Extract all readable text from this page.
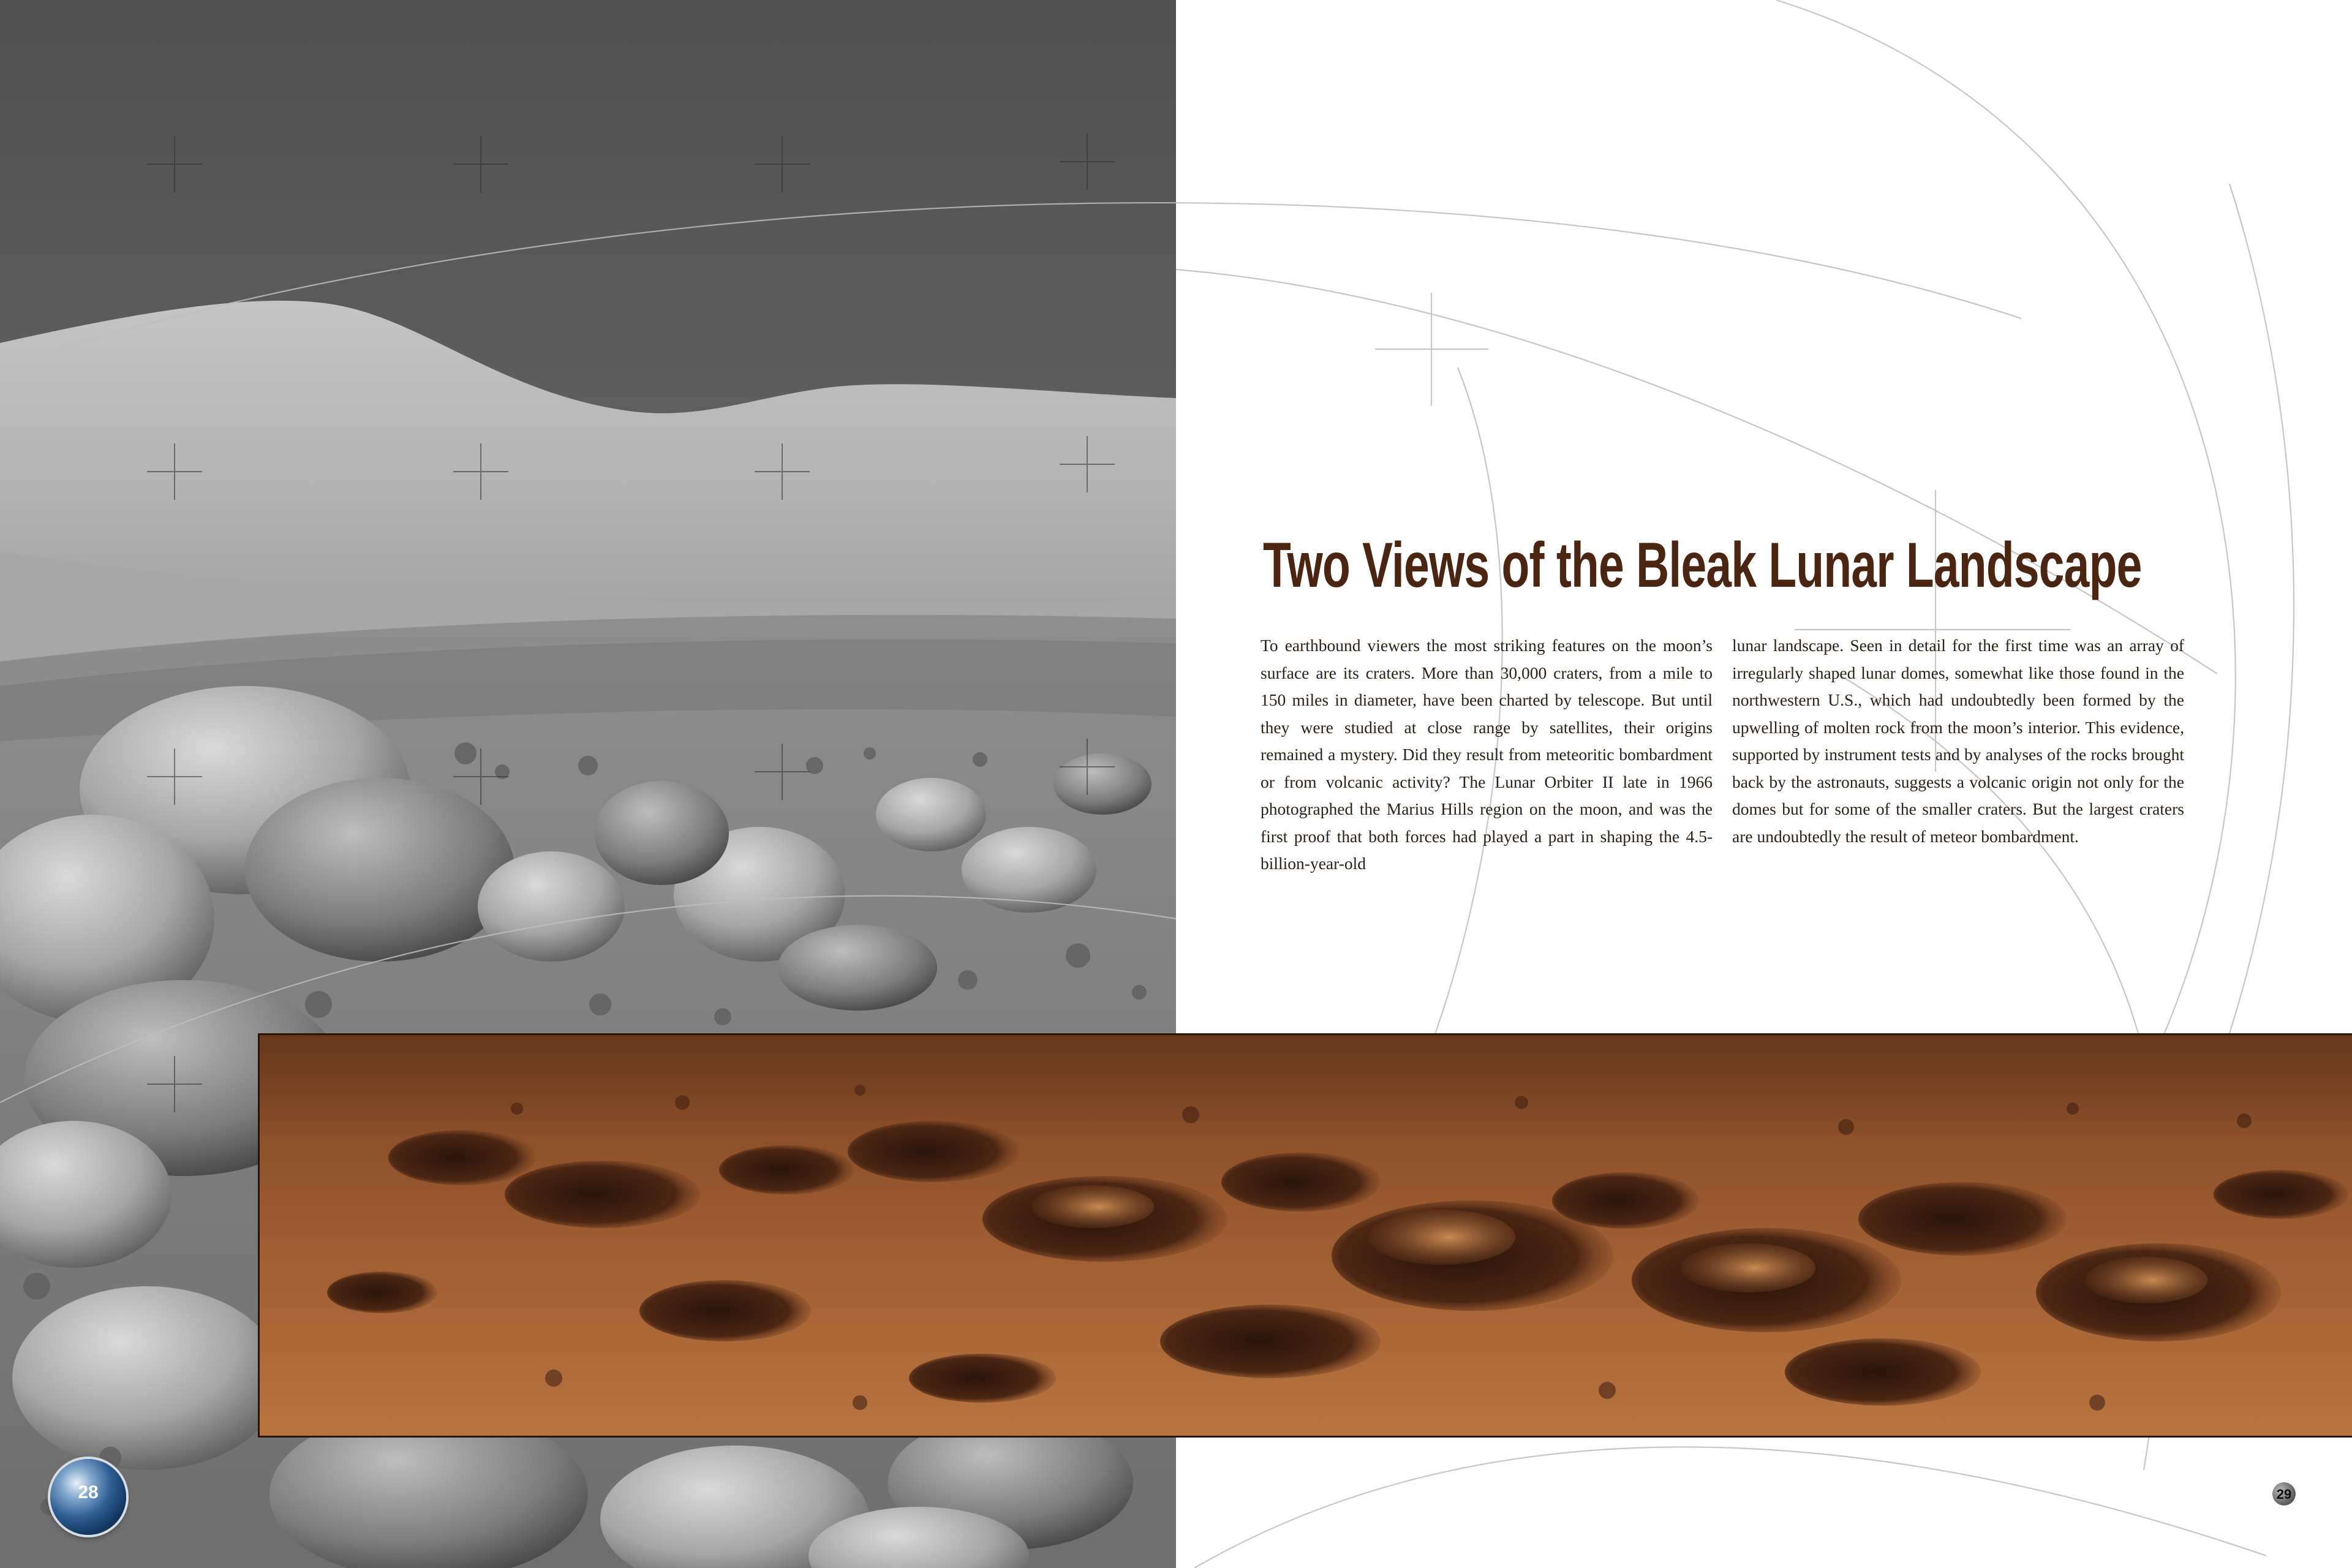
Two Views of the Bleak Lunar Landscape

To earthbound viewers the most striking features on the moon’s surface are its craters. More than 30,000 craters, from a mile to 150 miles in diameter, have been charted by telescope. But until they were studied at close range by satellites, their origins remained a mystery. Did they result from meteoritic bombardment or from volcanic activity? The Lunar Orbiter II late in 1966 photographed the Marius Hills region on the moon, and was the first proof that both forces had played a part in shaping the 4.5-billion-year-old

lunar landscape. Seen in detail for the first time was an array of irregularly shaped lunar domes, somewhat like those found in the northwestern U.S., which had undoubtedly been formed by the upwelling of molten rock from the moon’s interior. This evidence, supported by instrument tests and by analyses of the rocks brought back by the astronauts, suggests a volcanic origin not only for the domes but for some of the smaller craters. But the largest craters are undoubtedly the result of meteor bombardment.

28	29
